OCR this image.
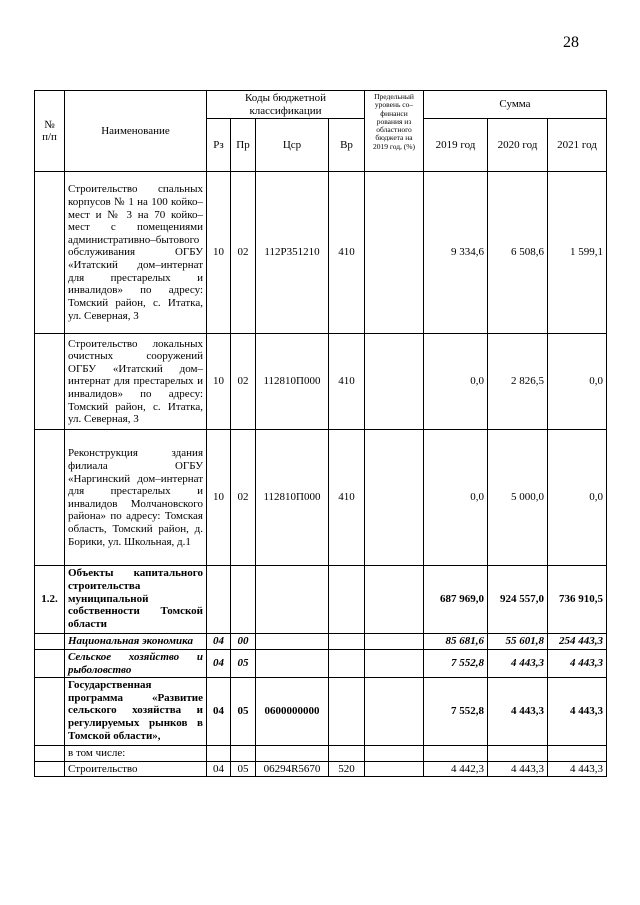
28
№
п/п	Наименование	Коды бюджетной классификации				Предельный уровень со–финанси рования из областного бюджета на 2019 год, (%)	Сумма		
		Рз	Пр	Цср	Вр		2019 год	2020 год	2021 год
	Строительство спальных корпусов № 1 на 100 койко–мест и № 3 на 70 койко–мест с помещениями административно–бытового обслуживания ОГБУ «Итатский дом–интернат для престарелых и инвалидов» по адресу: Томский район, с. Итатка, ул. Северная, 3	10	02	112P351210	410		9 334,6	6 508,6	1 599,1
	Строительство локальных очистных сооружений ОГБУ «Итатский дом–интернат для престарелых и инвалидов» по адресу: Томский район, с. Итатка, ул. Северная, 3	10	02	112810П000	410		0,0	2 826,5	0,0
	Реконструкция здания филиала ОГБУ «Наргинский дом–интернат для престарелых и инвалидов Молчановского района» по адресу: Томская область, Томский район, д. Борики, ул. Школьная, д.1	10	02	112810П000	410		0,0	5 000,0	0,0
1.2.	Объекты капитального строительства муниципальной собственности Томской области						687 969,0	924 557,0	736 910,5
	Национальная экономика	04	00				85 681,6	55 601,8	254 443,3
	Сельское хозяйство и рыболовство	04	05				7 552,8	4 443,3	4 443,3
	Государственная программа «Развитие сельского хозяйства и регулируемых рынков в Томской области»,	04	05	0600000000			7 552,8	4 443,3	4 443,3
	в том числе:								
	Строительство	04	05	06294R5670	520		4 442,3	4 443,3	4 443,3
